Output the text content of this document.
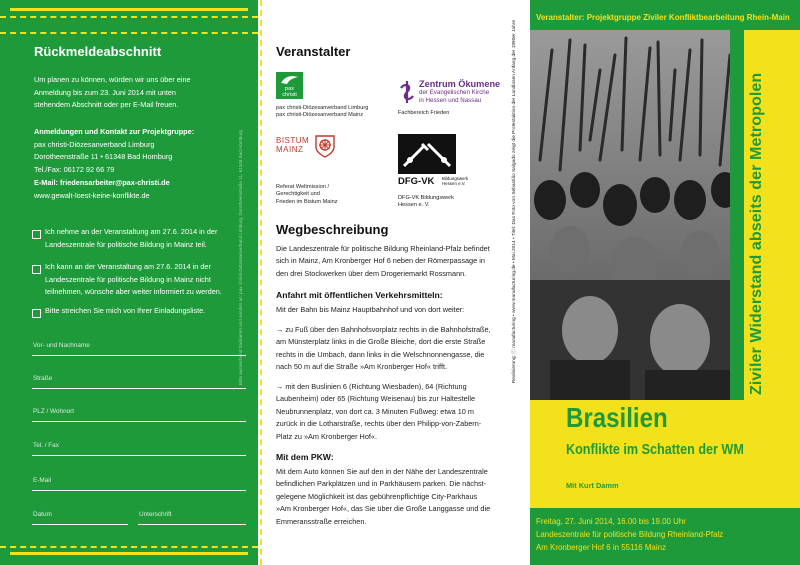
Rückmeldeabschnitt
Um planen zu können, würden wir uns über eine
Anmeldung bis zum 23. Juni 2014 mit unten
stehendem Abschnitt oder per E-Mail freuen.
Anmeldungen und Kontakt zur Projektgruppe:
pax christi-Diözesanverband Limburg
Dorotheenstraße 11 • 61348 Bad Homburg
Tel./Fax: 06172 92 66 79
E-Mail: friedensarbeiter@pax-christi.de
www.gewalt-loest-keine-konflikte.de
Ich nehme an der Veranstaltung am 27.6. 2014 in der
Landeszentrale für politische Bildung in Mainz teil.
Ich kann an der Veranstaltung am 27.6. 2014 in der
Landeszentrale für politische Bildung in Mainz nicht
teilnehmen, wünsche aber weiter informiert zu werden.
Bitte streichen Sie mich von Ihrer Einladungsliste.
Vor- und Nachname
Straße
PLZ / Wohnort
Tel. / Fax
E-Mail
Datum	Unterschrift
Bitte ausreichend frankieren und senden an: pax christi-Diözesanverband Limburg, Dorotheenstraße 11, 61348 Bad Homburg
Veranstalter
pax
christi
pax christi-Diözesanverband Limburg
pax christi-Diözesanverband Mainz
Zentrum Ökumene
der Evangelischen Kirche
in Hessen und Nassau
Fachbereich Frieden
BISTUM
MAINZ
Referat Weltmission /
Gerechtigkeit und
Frieden im Bistum Mainz
DFG-VK Bildungswerk
Hessen e.V.
DFG-VK Bildungswerk
Hessen e. V.
Wegbeschreibung
Die Landeszentrale für politische Bildung Rheinland-Pfalz befindet
sich in Mainz, Am Kronberger Hof 6 neben der Römerpassage in
den drei Stockwerken über dem Drogeriemarkt Rossmann.
Anfahrt mit öffentlichen Verkehrsmitteln:
Mit der Bahn bis Mainz Hauptbahnhof und von dort weiter:
→ zu Fuß über den Bahnhofsvorplatz rechts in die Bahnhofstraße,
am Münsterplatz links in die Große Bleiche, dort die erste Straße
rechts in die Umbach, dann links in die Welschnonnengasse, die
nach 50 m auf die Straße »Am Kronberger Hof« trifft.
→ mit den Buslinien 6 (Richtung Wiesbaden), 64 (Richtung
Laubenheim) oder 65 (Richtung Weisenau) bis zur Haltestelle
Neubrunnenplatz, von dort ca. 3 Minuten Fußweg: etwa 10 m
zurück in die Lotharstraße, rechts über den Philipp-von-Zabern-
Platz zu »Am Kronberger Hof«.
Mit dem PKW:
Mit dem Auto können Sie auf den in der Nähe der Landeszentrale
befindlichen Parkplätzen und in Parkhäusern parken. Die nächst-
gelegene Möglichkeit ist das gebührenpflichtige City-Parkhaus
»Am Kronberger Hof«, das Sie über die Große Langgasse und die
Emmeransstraße erreichen.
Realisierung: ⓒ manufacturing • www.manufacturing.de • Mai 2014 • Titel: Das Foto von Sebastião Salgado zeigt die Protestaktion der Landlosen Anfang der 1990er Jahre
Veranstalter: Projektgruppe Ziviler Konfliktbearbeitung Rhein-Main
Ziviler Widerstand abseits der Metropolen
Brasilien
Konflikte im Schatten der WM
Mit Kurt Damm
Freitag, 27. Juni 2014, 16.00 bis 19.00 Uhr
Landeszentrale für politische Bildung Rheinland-Pfalz
Am Kronberger Hof 6 in 55116 Mainz
